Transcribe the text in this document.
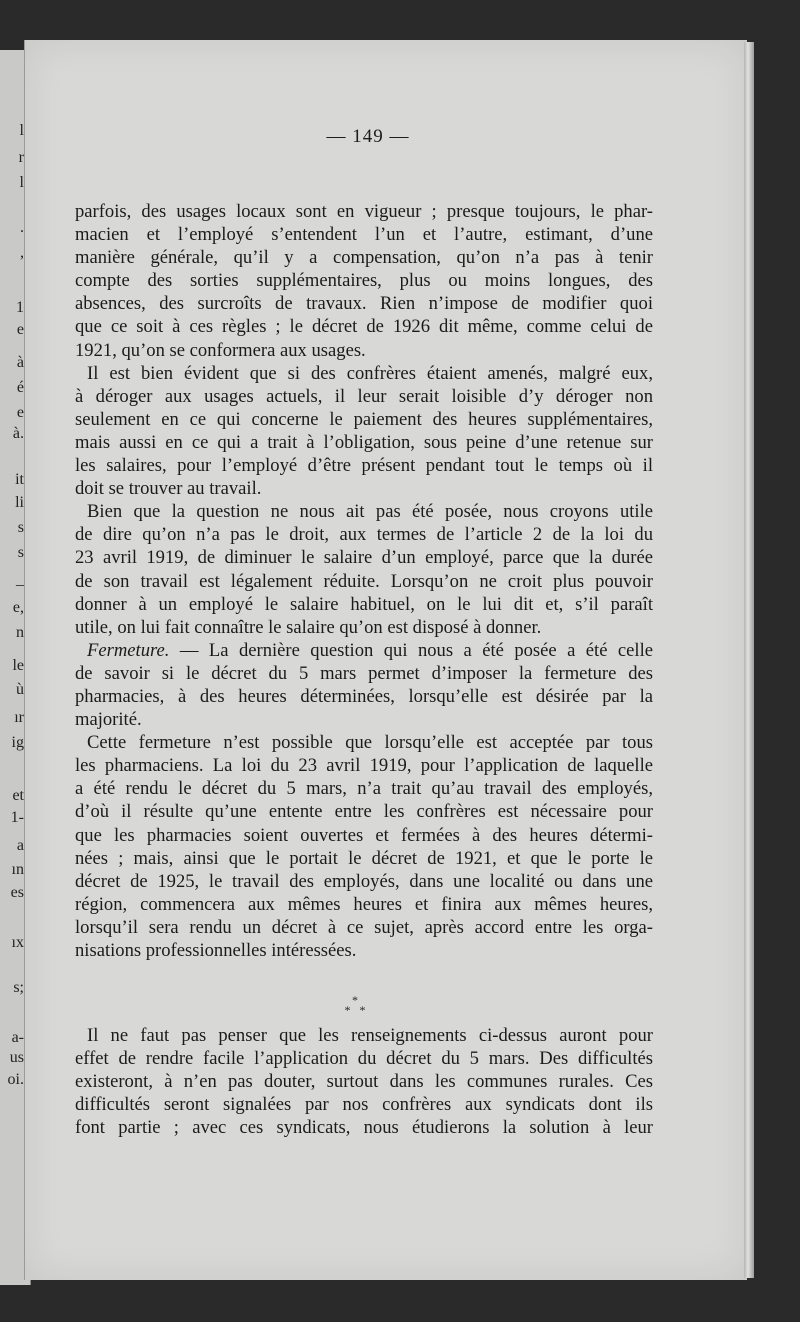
l
r
l
.
,
1
e
à
é
e
à.
it
li
s
s
_
e,
n
le
ù
ır
ig
et
1-
a
ın
es
ıx
s;
a-
us
oi.
— 149 —
parfois, des usages locaux sont en vigueur ; presque toujours, le phar-
macien et l’employé s’entendent l’un et l’autre, estimant, d’une
manière générale, qu’il y a compensation, qu’on n’a pas à tenir
compte des sorties supplémentaires, plus ou moins longues, des
absences, des surcroîts de travaux. Rien n’impose de modifier quoi
que ce soit à ces règles ; le décret de 1926 dit même, comme celui de
1921, qu’on se conformera aux usages.
Il est bien évident que si des confrères étaient amenés, malgré eux,
à déroger aux usages actuels, il leur serait loisible d’y déroger non
seulement en ce qui concerne le paiement des heures supplémentaires,
mais aussi en ce qui a trait à l’obligation, sous peine d’une retenue sur
les salaires, pour l’employé d’être présent pendant tout le temps où il
doit se trouver au travail.
Bien que la question ne nous ait pas été posée, nous croyons utile
de dire qu’on n’a pas le droit, aux termes de l’article 2 de la loi du
23 avril 1919, de diminuer le salaire d’un employé, parce que la durée
de son travail est légalement réduite. Lorsqu’on ne croit plus pouvoir
donner à un employé le salaire habituel, on le lui dit et, s’il paraît
utile, on lui fait connaître le salaire qu’on est disposé à donner.
Fermeture. — La dernière question qui nous a été posée a été celle
de savoir si le décret du 5 mars permet d’imposer la fermeture des
pharmacies, à des heures déterminées, lorsqu’elle est désirée par la
majorité.
Cette fermeture n’est possible que lorsqu’elle est acceptée par tous
les pharmaciens. La loi du 23 avril 1919, pour l’application de laquelle
a été rendu le décret du 5 mars, n’a trait qu’au travail des employés,
d’où il résulte qu’une entente entre les confrères est nécessaire pour
que les pharmacies soient ouvertes et fermées à des heures détermi-
nées ; mais, ainsi que le portait le décret de 1921, et que le porte le
décret de 1925, le travail des employés, dans une localité ou dans une
région, commencera aux mêmes heures et finira aux mêmes heures,
lorsqu’il sera rendu un décret à ce sujet, après accord entre les orga-
nisations professionnelles intéressées.
*
*   *
Il ne faut pas penser que les renseignements ci-dessus auront pour
effet de rendre facile l’application du décret du 5 mars. Des difficultés
existeront, à n’en pas douter, surtout dans les communes rurales. Ces
difficultés seront signalées par nos confrères aux syndicats dont ils
font partie ; avec ces syndicats, nous étudierons la solution à leur
